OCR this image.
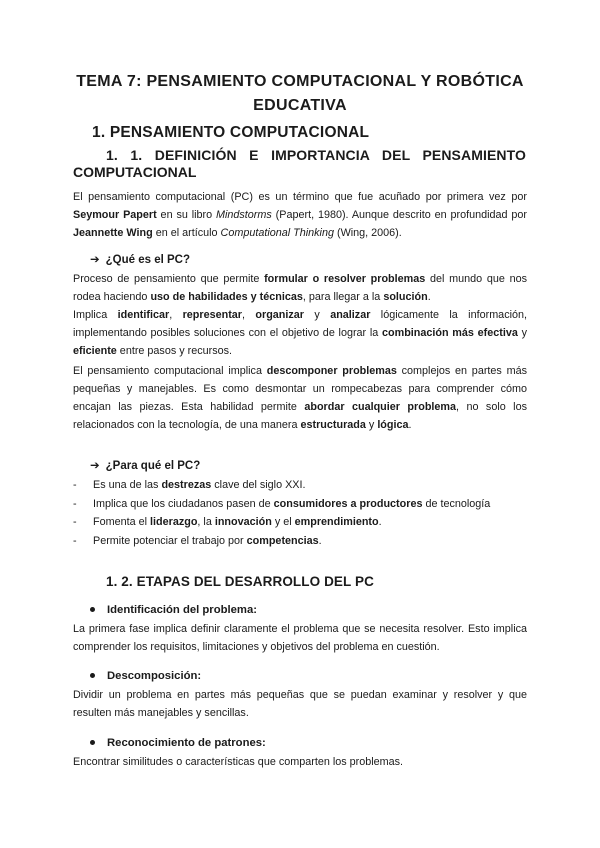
TEMA 7: PENSAMIENTO COMPUTACIONAL Y ROBÓTICA EDUCATIVA
1. PENSAMIENTO COMPUTACIONAL
1. 1. DEFINICIÓN E IMPORTANCIA DEL PENSAMIENTO
COMPUTACIONAL
El pensamiento computacional (PC) es un término que fue acuñado por primera vez por
Seymour Papert en su libro Mindstorms (Papert, 1980). Aunque descrito en profundidad por
Jeannette Wing en el artículo Computational Thinking (Wing, 2006).
➔ ¿Qué es el PC?
Proceso de pensamiento que permite formular o resolver problemas del mundo que nos
rodea haciendo uso de habilidades y técnicas, para llegar a la solución.
Implica identificar, representar, organizar y analizar lógicamente la información,
implementando posibles soluciones con el objetivo de lograr la combinación más efectiva y
eficiente entre pasos y recursos.
El pensamiento computacional implica descomponer problemas complejos en partes más
pequeñas y manejables. Es como desmontar un rompecabezas para comprender cómo
encajan las piezas. Esta habilidad permite abordar cualquier problema, no solo los
relacionados con la tecnología, de una manera estructurada y lógica.
➔ ¿Para qué el PC?
- Es una de las destrezas clave del siglo XXI.
- Implica que los ciudadanos pasen de consumidores a productores de tecnología
- Fomenta el liderazgo, la innovación y el emprendimiento.
- Permite potenciar el trabajo por competencias.
1. 2. ETAPAS DEL DESARROLLO DEL PC
Identificación del problema:
La primera fase implica definir claramente el problema que se necesita resolver. Esto implica
comprender los requisitos, limitaciones y objetivos del problema en cuestión.
Descomposición:
Dividir un problema en partes más pequeñas que se puedan examinar y resolver y que
resulten más manejables y sencillas.
Reconocimiento de patrones:
Encontrar similitudes o características que comparten los problemas.
